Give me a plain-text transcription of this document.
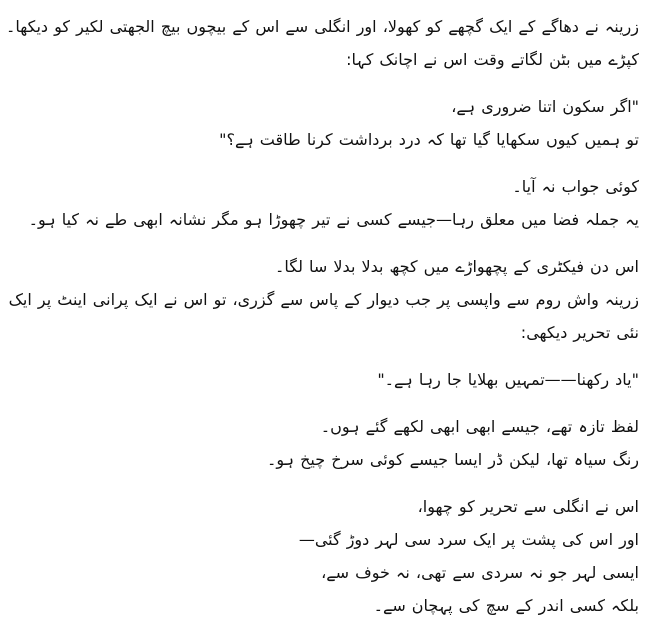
زرینہ نے دھاگے کے ایک گچھے کو کھولا، اور انگلی سے اس کے بیچوں بیچ الجھتی لکیر کو دیکھا۔
کپڑے میں بٹن لگاتے وقت اس نے اچانک کہا:
"اگر سکون اتنا ضروری ہے،
تو ہمیں کیوں سکھایا گیا تھا کہ درد برداشت کرنا طاقت ہے؟"
کوئی جواب نہ آیا۔
یہ جملہ فضا میں معلق رہا—جیسے کسی نے تیر چھوڑا ہو مگر نشانہ ابھی طے نہ کیا ہو۔
اس دن فیکٹری کے پچھواڑے میں کچھ بدلا بدلا سا لگا۔
زرینہ واش روم سے واپسی پر جب دیوار کے پاس سے گزری، تو اس نے ایک پرانی اینٹ پر ایک نئی تحریر دیکھی:
"یاد رکھنا——تمہیں بھلایا جا رہا ہے۔"
لفظ تازہ تھے، جیسے ابھی ابھی لکھے گئے ہوں۔
رنگ سیاہ تھا، لیکن ڈر ایسا جیسے کوئی سرخ چیخ ہو۔
اس نے انگلی سے تحریر کو چھوا،
اور اس کی پشت پر ایک سرد سی لہر دوڑ گئی—
ایسی لہر جو نہ سردی سے تھی، نہ خوف سے،
بلکہ کسی اندر کے سچ کی پہچان سے۔
